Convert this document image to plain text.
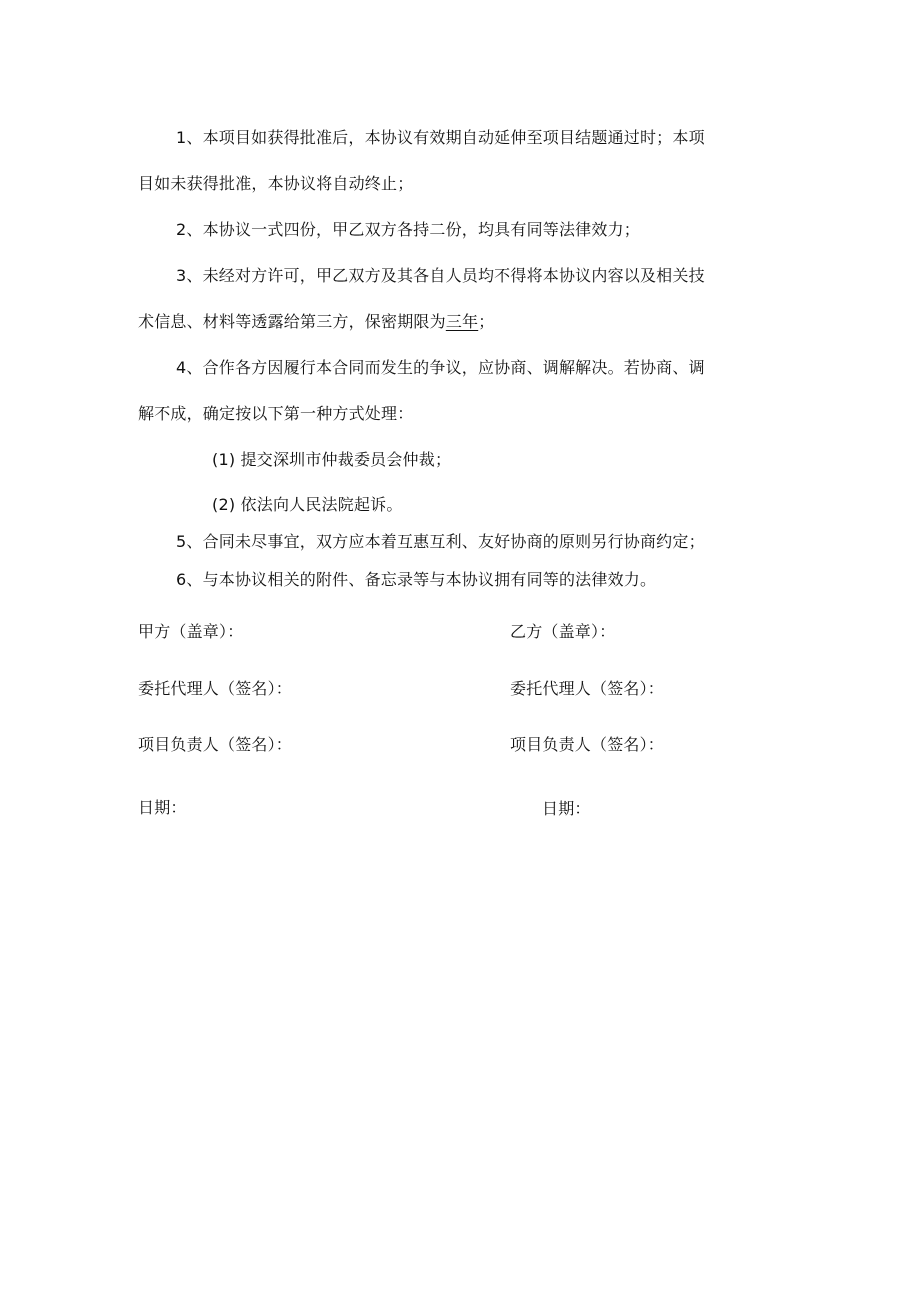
1、本项目如获得批准后，本协议有效期自动延伸至项目结题通过时；本项
目如未获得批准，本协议将自动终止；
2、本协议一式四份，甲乙双方各持二份，均具有同等法律效力；
3、未经对方许可，甲乙双方及其各自人员均不得将本协议内容以及相关技
术信息、材料等透露给第三方，保密期限为三年；
4、合作各方因履行本合同而发生的争议，应协商、调解解决。若协商、调
解不成，确定按以下第一种方式处理：
(1) 提交深圳市仲裁委员会仲裁；
(2) 依法向人民法院起诉。
5、合同未尽事宜，双方应本着互惠互利、友好协商的原则另行协商约定；
6、与本协议相关的附件、备忘录等与本协议拥有同等的法律效力。
甲方（盖章）：	乙方（盖章）：
委托代理人（签名）：	委托代理人（签名）：
项目负责人（签名）：	项目负责人（签名）：
日期：	日期：
